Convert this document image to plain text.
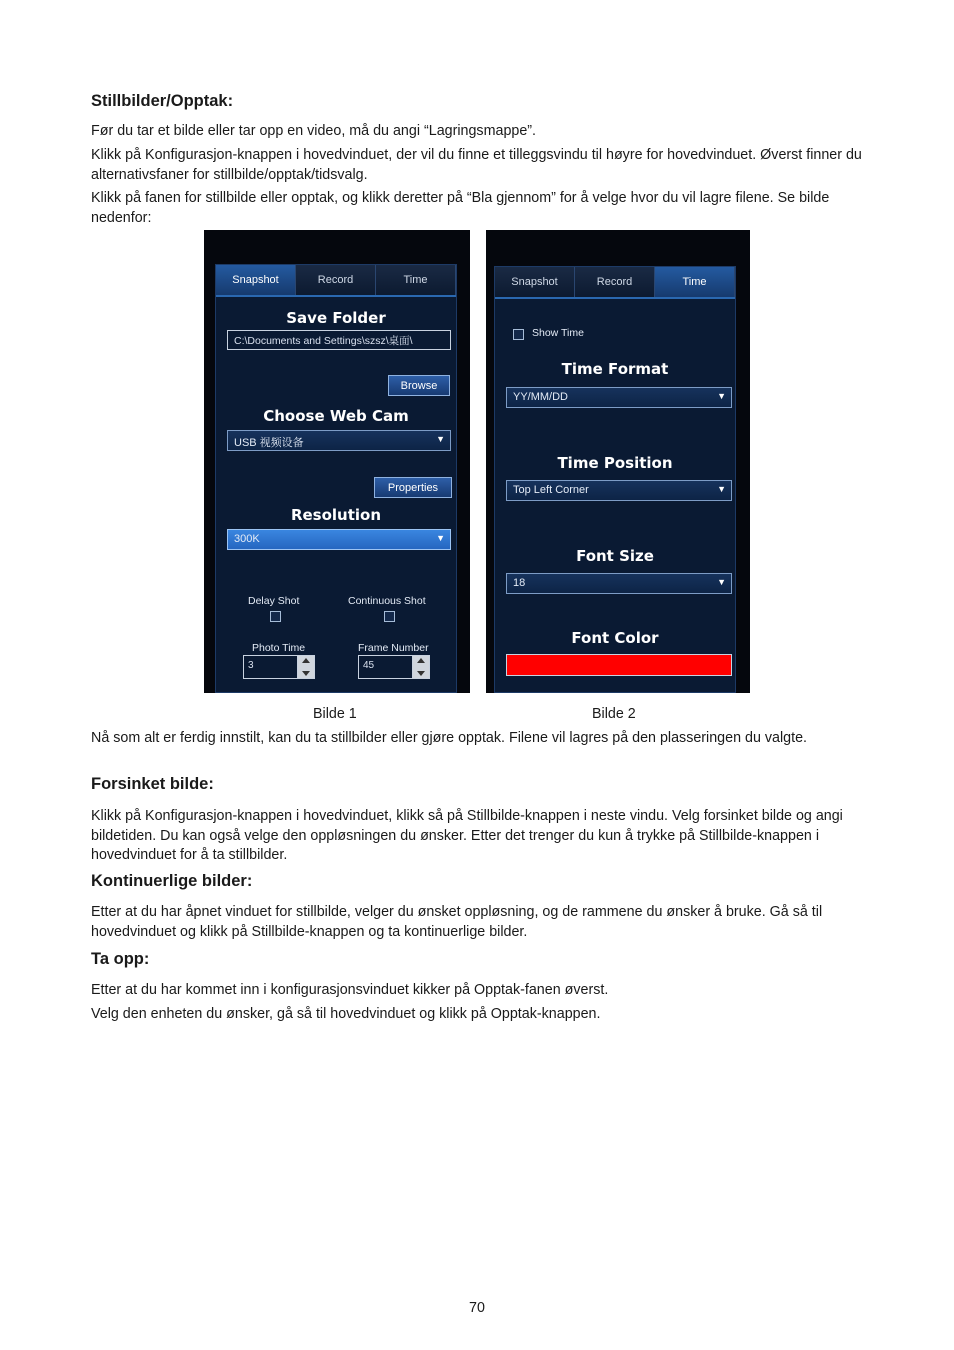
Stillbilder/Opptak:

Før du tar et bilde eller tar opp en video, må du angi “Lagringsmappe”.

Klikk på Konfigurasjon-knappen i hovedvinduet, der vil du finne et tilleggsvindu til høyre for hovedvinduet. Øverst finner du alternativsfaner for stillbilde/opptak/tidsvalg.

Klikk på fanen for stillbilde eller opptak, og klikk deretter på “Bla gjennom” for å velge hvor du vil lagre filene. Se bilde nedenfor:

Nå som alt er ferdig innstilt, kan du ta stillbilder eller gjøre opptak. Filene vil lagres på den plasseringen du valgte.

Forsinket bilde:

Klikk på Konfigurasjon-knappen i hovedvinduet, klikk så på Stillbilde-knappen i neste vindu. Velg forsinket bilde og angi bildetiden. Du kan også velge den oppløsningen du ønsker. Etter det trenger du kun å trykke på Stillbilde-knappen i hovedvinduet for å ta stillbilder.

Kontinuerlige bilder:

Etter at du har åpnet vinduet for stillbilde, velger du ønsket oppløsning, og de rammene du ønsker å bruke. Gå så til hovedvinduet og klikk på Stillbilde-knappen og ta kontinuerlige bilder.

Ta opp:

Etter at du har kommet inn i konfigurasjonsvinduet kikker på Opptak-fanen øverst.

Velg den enheten du ønsker, gå så til hovedvinduet og klikk på Opptak-knappen.

Snapshot	Record	Time
Save Folder
C:\Documents and Settings\szsz\桌面\
Browse
Choose Web Cam
USB 视频设备	▼
Properties
Resolution
300K	▼
Delay Shot	Continuous Shot
Photo Time
3
Frame Number
45
Snapshot	Record	Time
Show Time
Time Format
YY/MM/DD	▼
Time Position
Top Left Corner	▼
Font Size
18	▼
Font Color
Bilde 1	Bilde 2
70
